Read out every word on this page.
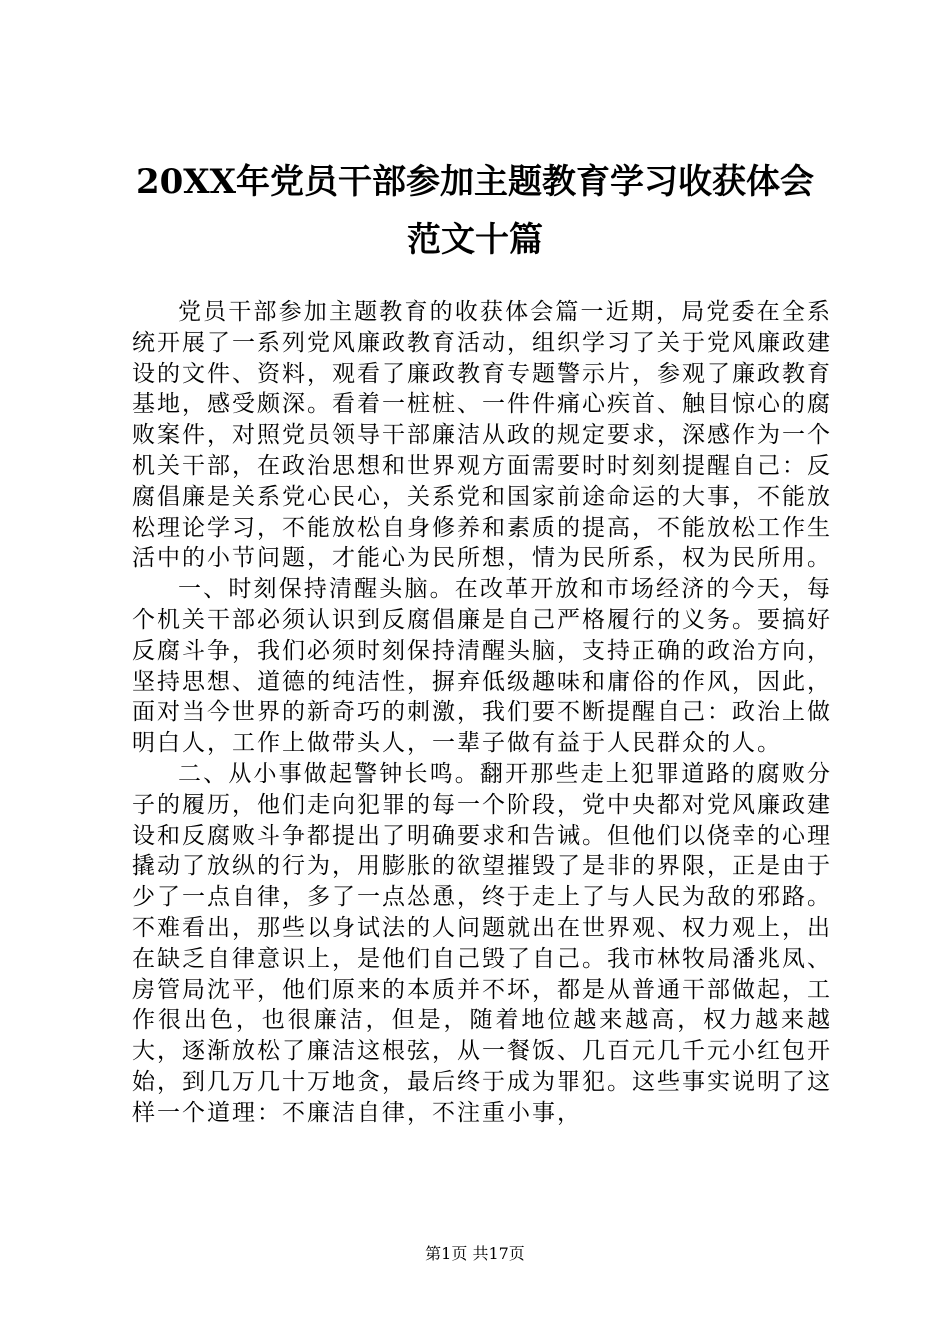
20XX年党员干部参加主题教育学习收获体会
范文十篇

党员干部参加主题教育的收获体会篇一近期，局党委在全系统开展了一系列党风廉政教育活动，组织学习了关于党风廉政建设的文件、资料，观看了廉政教育专题警示片，参观了廉政教育基地，感受颇深。看着一桩桩、一件件痛心疾首、触目惊心的腐败案件，对照党员领导干部廉洁从政的规定要求，深感作为一个机关干部，在政治思想和世界观方面需要时时刻刻提醒自己：反腐倡廉是关系党心民心，关系党和国家前途命运的大事，不能放松理论学习，不能放松自身修养和素质的提高，不能放松工作生活中的小节问题，才能心为民所想，情为民所系，权为民所用。

一、时刻保持清醒头脑。在改革开放和市场经济的今天，每个机关干部必须认识到反腐倡廉是自己严格履行的义务。要搞好反腐斗争，我们必须时刻保持清醒头脑，支持正确的政治方向，坚持思想、道德的纯洁性，摒弃低级趣味和庸俗的作风，因此，面对当今世界的新奇巧的刺激，我们要不断提醒自己：政治上做明白人，工作上做带头人，一辈子做有益于人民群众的人。

二、从小事做起警钟长鸣。翻开那些走上犯罪道路的腐败分子的履历，他们走向犯罪的每一个阶段，党中央都对党风廉政建设和反腐败斗争都提出了明确要求和告诫。但他们以侥幸的心理撬动了放纵的行为，用膨胀的欲望摧毁了是非的界限，正是由于少了一点自律，多了一点怂恿，终于走上了与人民为敌的邪路。不难看出，那些以身试法的人问题就出在世界观、权力观上，出在缺乏自律意识上，是他们自己毁了自己。我市林牧局潘兆凤、房管局沈平，他们原来的本质并不坏，都是从普通干部做起，工作很出色，也很廉洁，但是，随着地位越来越高，权力越来越大，逐渐放松了廉洁这根弦，从一餐饭、几百元几千元小红包开始，到几万几十万地贪，最后终于成为罪犯。这些事实说明了这样一个道理：不廉洁自律，不注重小事，

第1页 共17页
